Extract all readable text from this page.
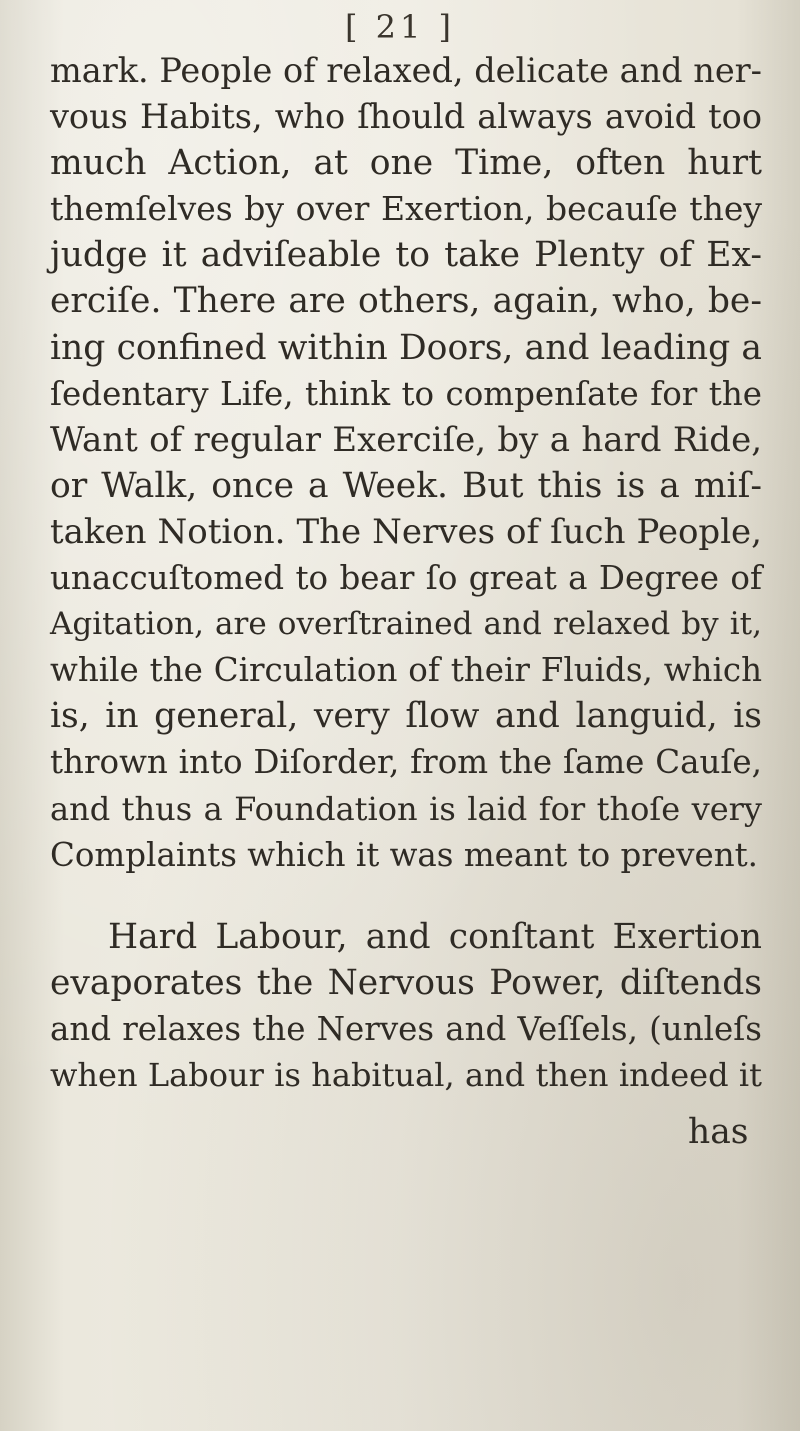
[ 21 ]
mark. People of relaxed, delicate and ner-
vous Habits, who ſhould always avoid too
much Action, at one Time, often hurt
themſelves by over Exertion, becauſe they
judge it adviſeable to take Plenty of Ex-
erciſe. There are others, again, who, be-
ing confined within Doors, and leading a
ſedentary Life, think to compenſate for the
Want of regular Exerciſe, by a hard Ride,
or Walk, once a Week. But this is a miſ-
taken Notion. The Nerves of ſuch People,
unaccuſtomed to bear ſo great a Degree of
Agitation, are overſtrained and relaxed by it,
while the Circulation of their Fluids, which
is, in general, very ſlow and languid, is
thrown into Diſorder, from the ſame Cauſe,
and thus a Foundation is laid for thoſe very
Complaints which it was meant to prevent.
Hard Labour, and conſtant Exertion
evaporates the Nervous Power, diſtends
and relaxes the Nerves and Veſſels, (unleſs
when Labour is habitual, and then indeed it
has
